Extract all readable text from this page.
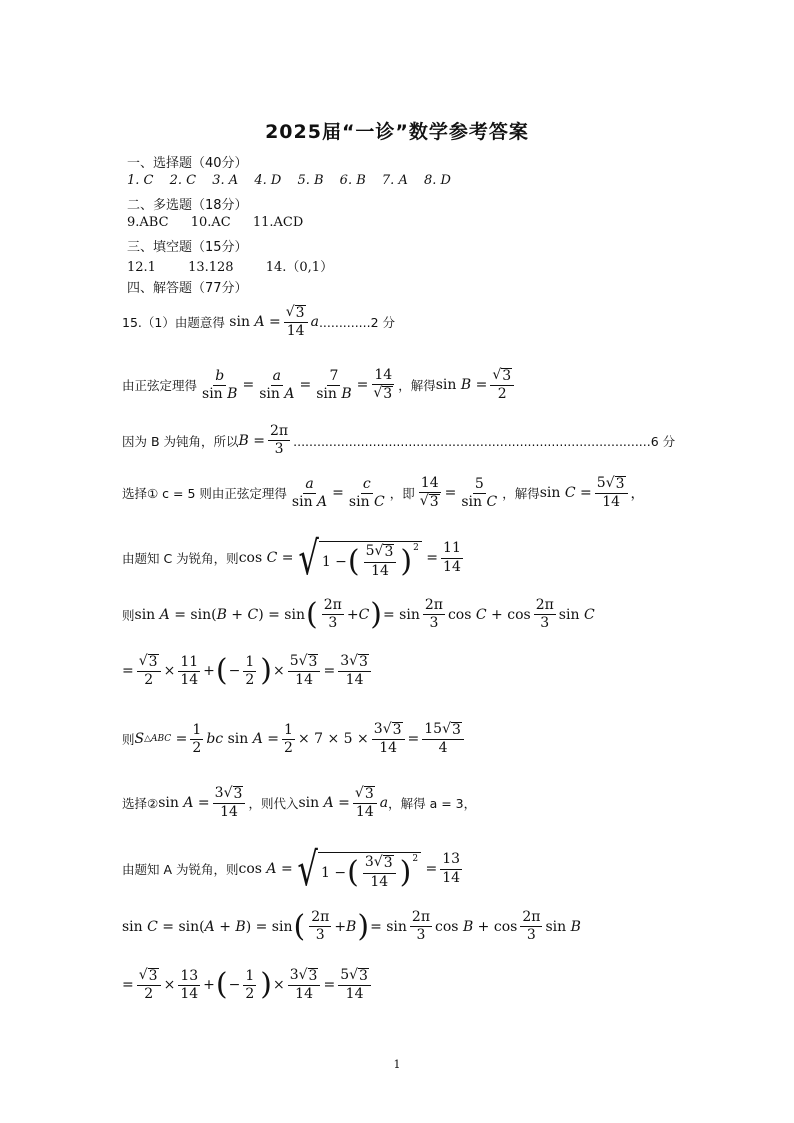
2025届“一诊”数学参考答案
一、选择题（40分）
1. C 2. C 3. A 4. D 5. B 6. B 7. A 8. D
二、多选题（18分）
9.ABC 10.AC 11.ACD
三、填空题（15分）
12.1 13.128 14.（0,1）
四、解答题（77分）
15.（1）由题意得 $\sin A = \frac{√ 3}{14}$ a .............2 分
由正弦定理得 $\frac{b}{\text{sin B}} = \frac{a}{\text{sin A}} = \frac{7}{\text{sin B}} = \frac{14}{√ 3}$ ，解得 $\sin B = \frac{√ 3}{2}$
因为 B 为钝角，所以 $B = \frac{2\pi}{3} ..........................................................................................6$ 分
选择① c = 5 则由正弦定理得 $\frac{a}{\text{sin A}} = \frac{c}{\text{sin C}}$ ，即 $\frac{14}{√ 3} = \frac{5}{\text{sin C}}$ ，解得 $\sin C = \frac{5√ 3}{14}$ ，
由题知 C 为锐角，则 cos C = √ 1 − ( $\frac{5√ 3}{14}$ ) 2
= $\frac{11}{14}$
则 sin A = sin(B + C) = sin ( $\frac{2\pi}{3} + C$ ) = $\sin \frac{2\pi}{3}$ $\cos C + \cos \frac{2\pi}{3}$ sin C
= $\frac{√ 3}{2} \times \frac{11}{14}$ + ( − $\frac{1}{2}$ ) × $\frac{5√ 3}{14} = \frac{3√ 3}{14}$
则 S △ABC = $\frac{1}{2}$ bc $\sin A = \frac{1}{2} \times 7 \times 5 \times \frac{3√ 3}{14} = \frac{15√ 3}{4}$
选择② $\sin A = \frac{3√ 3}{14}$ ，则代入 $\sin A = \frac{√ 3}{14}$ a ，解得 a = 3，
由题知 A 为锐角，则 cos A = √ 1 − ( $\frac{3√ 3}{14}$ ) 2
= $\frac{13}{14}$
sin C = sin(A + B) = sin ( $\frac{2\pi}{3} + B$ ) = $\sin \frac{2\pi}{3}$ $\cos B + \cos \frac{2\pi}{3}$ sin B
= $\frac{√ 3}{2} \times \frac{13}{14}$ + ( − $\frac{1}{2}$ ) × $\frac{3√ 3}{14} = \frac{5√ 3}{14}$
1
